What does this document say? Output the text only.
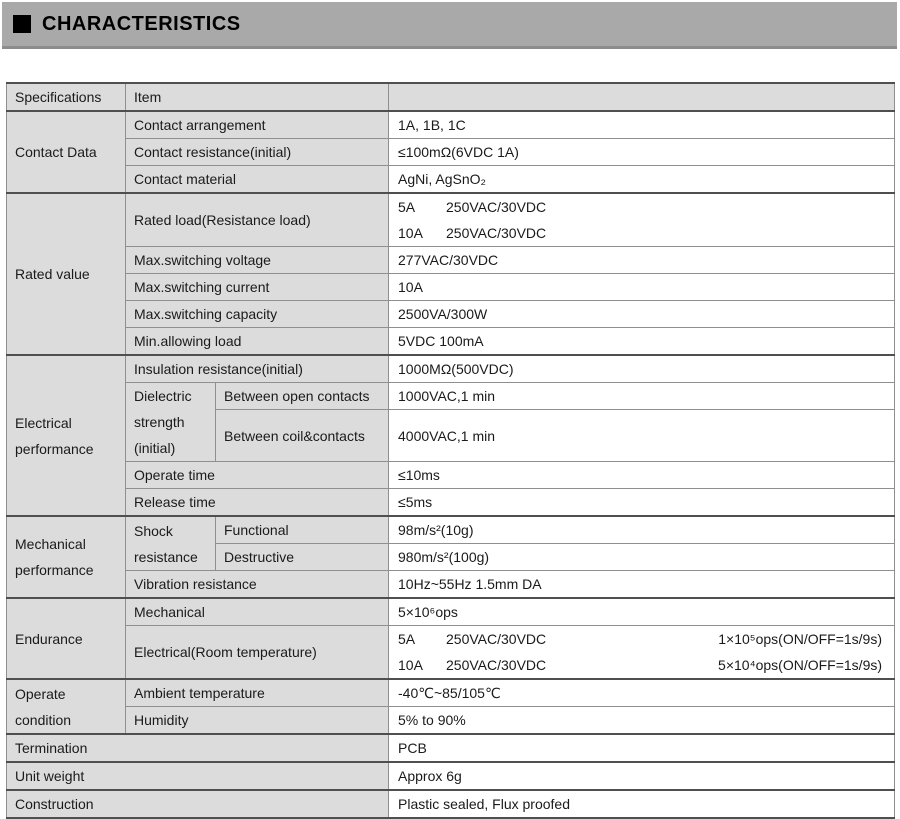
CHARACTERISTICS
Specifications	Item		
Contact Data	Contact arrangement		1A, 1B, 1C
	Contact resistance(initial)		≤100mΩ(6VDC 1A)
	Contact material		AgNi, AgSnO₂
Rated value	Rated load(Resistance load)		5A 250VAC/30VDC
10A 250VAC/30VDC

	Max.switching voltage		277VAC/30VDC
	Max.switching current		10A
	Max.switching capacity		2500VA/300W
	Min.allowing load		5VDC 100mA
Electrical performance	Insulation resistance(initial)		1000MΩ(500VDC)
	Dielectric strength (initial)	Between open contacts	1000VAC,1 min
		Between coil&contacts	4000VAC,1 min
	Operate time		≤10ms
	Release time		≤5ms
Mechanical performance	Shock resistance	Functional	98m/s²(10g)
		Destructive	980m/s²(100g)
	Vibration resistance		10Hz~55Hz 1.5mm DA
Endurance	Mechanical		5×10⁶ops
	Electrical(Room temperature)		5A 250VAC/30VDC 1×10⁵ops(ON/OFF=1s/9s)
10A 250VAC/30VDC 5×10⁴ops(ON/OFF=1s/9s)

Operate condition	Ambient temperature		-40℃~85/105℃
	Humidity		5% to 90%
Termination			PCB
Unit weight			Approx 6g
Construction			Plastic sealed, Flux proofed
